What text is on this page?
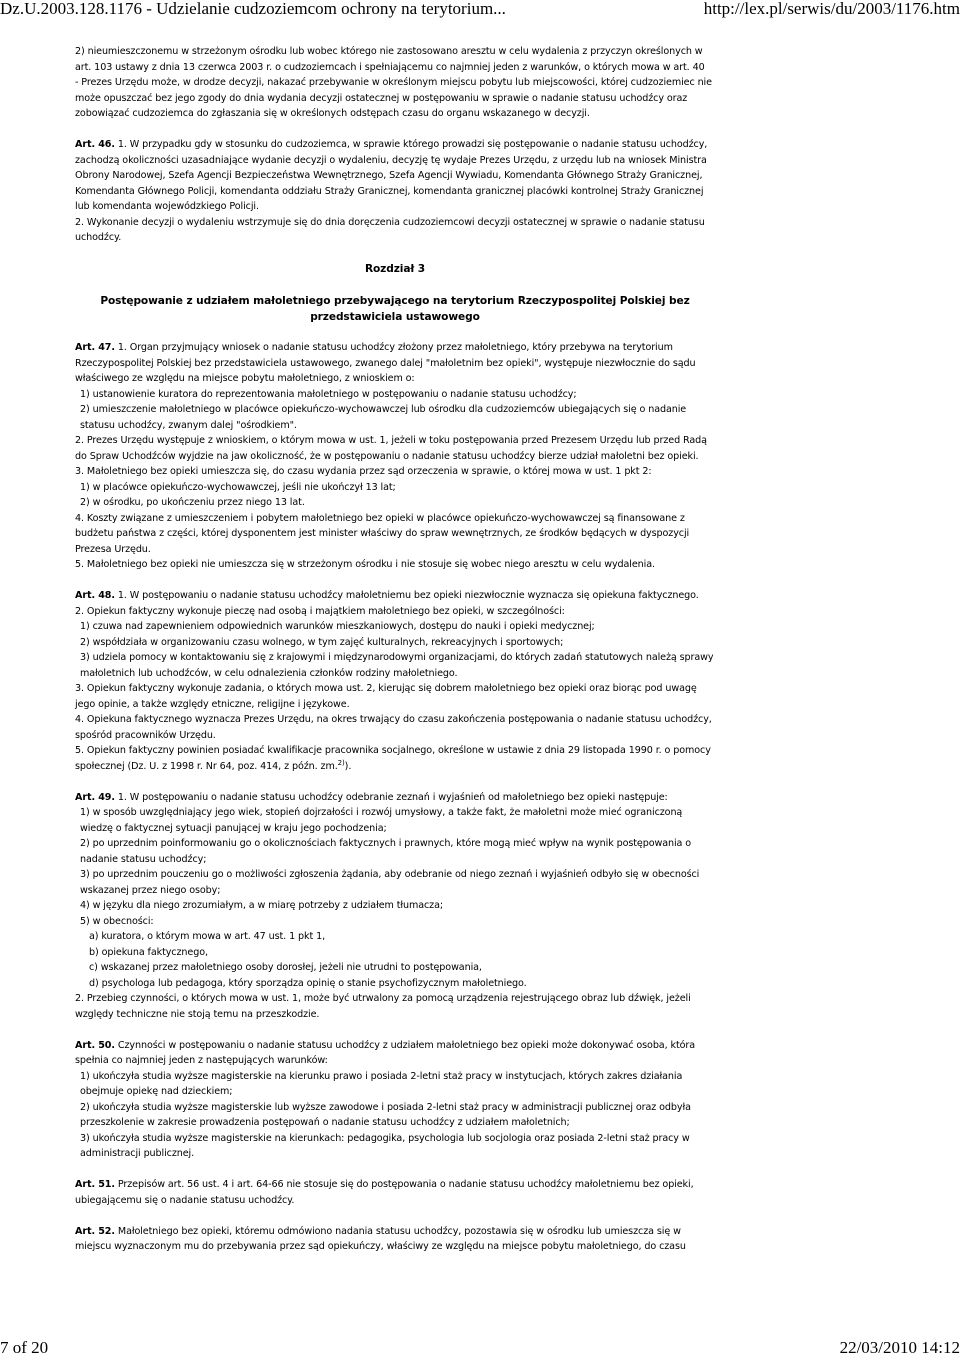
Dz.U.2003.128.1176 - Udzielanie cudzoziemcom ochrony na terytorium...	http://lex.pl/serwis/du/2003/1176.htm

2) nieumieszczonemu w strzeżonym ośrodku lub wobec którego nie zastosowano aresztu w celu wydalenia z przyczyn określonych w art. 103 ustawy z dnia 13 czerwca 2003 r. o cudzoziemcach i spełniającemu co najmniej jeden z warunków, o których mowa w art. 40

- Prezes Urzędu może, w drodze decyzji, nakazać przebywanie w określonym miejscu pobytu lub miejscowości, której cudzoziemiec nie może opuszczać bez jego zgody do dnia wydania decyzji ostatecznej w postępowaniu w sprawie o nadanie statusu uchodźcy oraz zobowiązać cudzoziemca do zgłaszania się w określonych odstępach czasu do organu wskazanego w decyzji.

Art. 46. 1. W przypadku gdy w stosunku do cudzoziemca, w sprawie którego prowadzi się postępowanie o nadanie statusu uchodźcy, zachodzą okoliczności uzasadniające wydanie decyzji o wydaleniu, decyzję tę wydaje Prezes Urzędu, z urzędu lub na wniosek Ministra Obrony Narodowej, Szefa Agencji Bezpieczeństwa Wewnętrznego, Szefa Agencji Wywiadu, Komendanta Głównego Straży Granicznej, Komendanta Głównego Policji, komendanta oddziału Straży Granicznej, komendanta granicznej placówki kontrolnej Straży Granicznej lub komendanta wojewódzkiego Policji.

2. Wykonanie decyzji o wydaleniu wstrzymuje się do dnia doręczenia cudzoziemcowi decyzji ostatecznej w sprawie o nadanie statusu uchodźcy.

Rozdział 3

Postępowanie z udziałem małoletniego przebywającego na terytorium Rzeczypospolitej Polskiej bez przedstawiciela ustawowego

Art. 47. 1. Organ przyjmujący wniosek o nadanie statusu uchodźcy złożony przez małoletniego, który przebywa na terytorium Rzeczypospolitej Polskiej bez przedstawiciela ustawowego, zwanego dalej "małoletnim bez opieki", występuje niezwłocznie do sądu właściwego ze względu na miejsce pobytu małoletniego, z wnioskiem o:

1) ustanowienie kuratora do reprezentowania małoletniego w postępowaniu o nadanie statusu uchodźcy;

2) umieszczenie małoletniego w placówce opiekuńczo-wychowawczej lub ośrodku dla cudzoziemców ubiegających się o nadanie statusu uchodźcy, zwanym dalej "ośrodkiem".

2. Prezes Urzędu występuje z wnioskiem, o którym mowa w ust. 1, jeżeli w toku postępowania przed Prezesem Urzędu lub przed Radą do Spraw Uchodźców wyjdzie na jaw okoliczność, że w postępowaniu o nadanie statusu uchodźcy bierze udział małoletni bez opieki.

3. Małoletniego bez opieki umieszcza się, do czasu wydania przez sąd orzeczenia w sprawie, o której mowa w ust. 1 pkt 2:

1) w placówce opiekuńczo-wychowawczej, jeśli nie ukończył 13 lat;

2) w ośrodku, po ukończeniu przez niego 13 lat.

4. Koszty związane z umieszczeniem i pobytem małoletniego bez opieki w placówce opiekuńczo-wychowawczej są finansowane z budżetu państwa z części, której dysponentem jest minister właściwy do spraw wewnętrznych, ze środków będących w dyspozycji Prezesa Urzędu.

5. Małoletniego bez opieki nie umieszcza się w strzeżonym ośrodku i nie stosuje się wobec niego aresztu w celu wydalenia.

Art. 48. 1. W postępowaniu o nadanie statusu uchodźcy małoletniemu bez opieki niezwłocznie wyznacza się opiekuna faktycznego.

2. Opiekun faktyczny wykonuje pieczę nad osobą i majątkiem małoletniego bez opieki, w szczególności:

1) czuwa nad zapewnieniem odpowiednich warunków mieszkaniowych, dostępu do nauki i opieki medycznej;

2) współdziała w organizowaniu czasu wolnego, w tym zajęć kulturalnych, rekreacyjnych i sportowych;

3) udziela pomocy w kontaktowaniu się z krajowymi i międzynarodowymi organizacjami, do których zadań statutowych należą sprawy małoletnich lub uchodźców, w celu odnalezienia członków rodziny małoletniego.

3. Opiekun faktyczny wykonuje zadania, o których mowa ust. 2, kierując się dobrem małoletniego bez opieki oraz biorąc pod uwagę jego opinie, a także względy etniczne, religijne i językowe.

4. Opiekuna faktycznego wyznacza Prezes Urzędu, na okres trwający do czasu zakończenia postępowania o nadanie statusu uchodźcy, spośród pracowników Urzędu.

5. Opiekun faktyczny powinien posiadać kwalifikacje pracownika socjalnego, określone w ustawie z dnia 29 listopada 1990 r. o pomocy społecznej (Dz. U. z 1998 r. Nr 64, poz. 414, z późn. zm.$^{2)}$).

Art. 49. 1. W postępowaniu o nadanie statusu uchodźcy odebranie zeznań i wyjaśnień od małoletniego bez opieki następuje:

1) w sposób uwzględniający jego wiek, stopień dojrzałości i rozwój umysłowy, a także fakt, że małoletni może mieć ograniczoną wiedzę o faktycznej sytuacji panującej w kraju jego pochodzenia;

2) po uprzednim poinformowaniu go o okolicznościach faktycznych i prawnych, które mogą mieć wpływ na wynik postępowania o nadanie statusu uchodźcy;

3) po uprzednim pouczeniu go o możliwości zgłoszenia żądania, aby odebranie od niego zeznań i wyjaśnień odbyło się w obecności wskazanej przez niego osoby;

4) w języku dla niego zrozumiałym, a w miarę potrzeby z udziałem tłumacza;

5) w obecności:

a) kuratora, o którym mowa w art. 47 ust. 1 pkt 1,

b) opiekuna faktycznego,

c) wskazanej przez małoletniego osoby dorosłej, jeżeli nie utrudni to postępowania,

d) psychologa lub pedagoga, który sporządza opinię o stanie psychofizycznym małoletniego.

2. Przebieg czynności, o których mowa w ust. 1, może być utrwalony za pomocą urządzenia rejestrującego obraz lub dźwięk, jeżeli względy techniczne nie stoją temu na przeszkodzie.

Art. 50. Czynności w postępowaniu o nadanie statusu uchodźcy z udziałem małoletniego bez opieki może dokonywać osoba, która spełnia co najmniej jeden z następujących warunków:

1) ukończyła studia wyższe magisterskie na kierunku prawo i posiada 2-letni staż pracy w instytucjach, których zakres działania obejmuje opiekę nad dzieckiem;

2) ukończyła studia wyższe magisterskie lub wyższe zawodowe i posiada 2-letni staż pracy w administracji publicznej oraz odbyła przeszkolenie w zakresie prowadzenia postępowań o nadanie statusu uchodźcy z udziałem małoletnich;

3) ukończyła studia wyższe magisterskie na kierunkach: pedagogika, psychologia lub socjologia oraz posiada 2-letni staż pracy w administracji publicznej.

Art. 51. Przepisów art. 56 ust. 4 i art. 64-66 nie stosuje się do postępowania o nadanie statusu uchodźcy małoletniemu bez opieki, ubiegającemu się o nadanie statusu uchodźcy.

Art. 52. Małoletniego bez opieki, któremu odmówiono nadania statusu uchodźcy, pozostawia się w ośrodku lub umieszcza się w miejscu wyznaczonym mu do przebywania przez sąd opiekuńczy, właściwy ze względu na miejsce pobytu małoletniego, do czasu

7 of 20	22/03/2010 14:12
